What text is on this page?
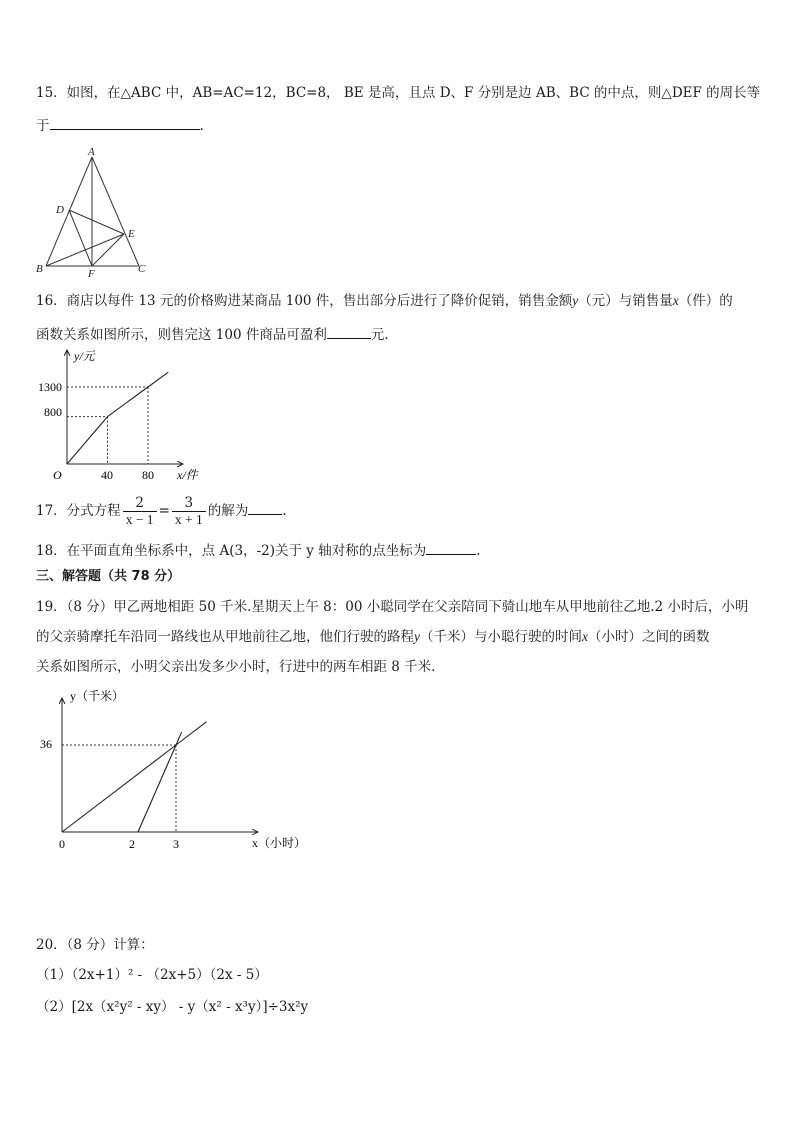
15．如图，在△ABC 中，AB=AC=12，BC=8， BE 是高，且点 D、F 分别是边 AB、BC 的中点，则△DEF 的周长等
于	.
A
D
E
B	F	C
16．商店以每件 13 元的价格购进某商品 100 件，售出部分后进行了降价促销，销售金额y（元）与销售量x（件）的
函数关系如图所示，则售完这 100 件商品可盈利	元．
y/元
x/件
O
800
1300
40 80
17．分式方程 $\frac{2}{x - 1} = \frac{3}{x + 1}$ 的解为	.
18．在平面直角坐标系中，点 A(3，-2)关于 y 轴对称的点坐标为	.
三、解答题（共 78 分）
19．（8 分）甲乙两地相距 50 千米.星期天上午 8：00 小聪同学在父亲陪同下骑山地车从甲地前往乙地.2 小时后，小明
的父亲骑摩托车沿同一路线也从甲地前往乙地，他们行驶的路程y（千米）与小聪行驶的时间x（小时）之间的函数
关系如图所示，小明父亲出发多少小时，行进中的两车相距 8 千米.
y（千米）
x（小时）
0
36
2	3
20．（8 分）计算：
（1）（2x+1）² - （2x+5）（2x - 5）
（2）[2x（x²y² - xy） - y（x² - x³y）]÷3x²y
